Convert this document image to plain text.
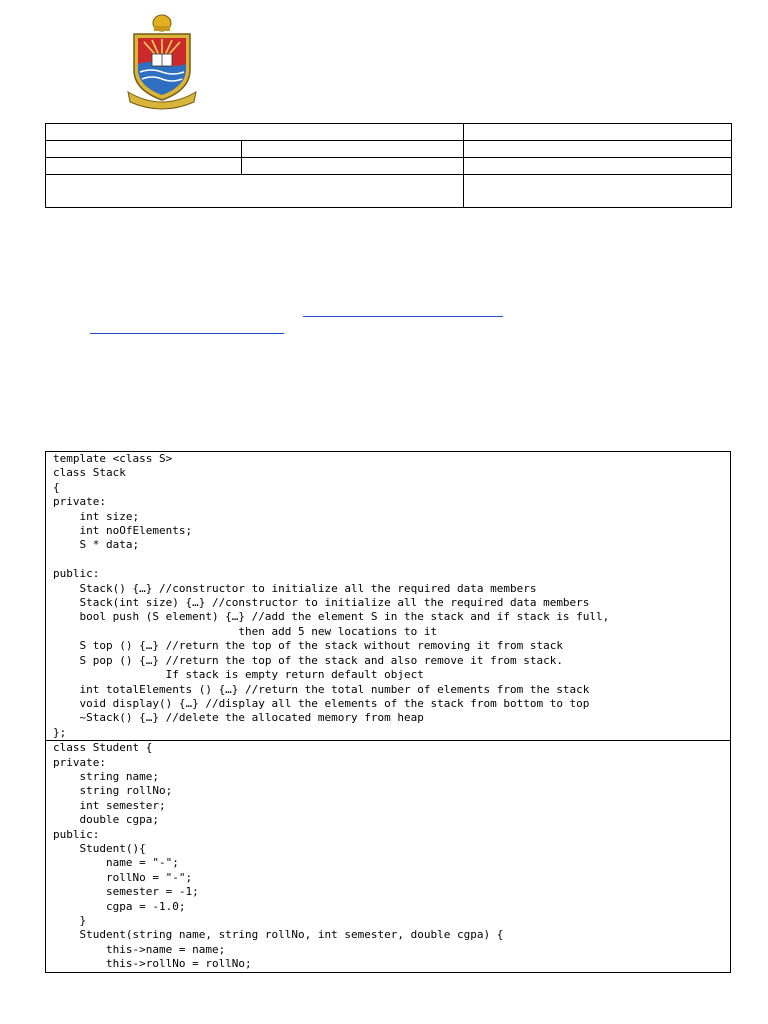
template <class S>
class Stack
{
private:
int size;
int noOfElements;
S * data;

public:
Stack() {…} //constructor to initialize all the required data members
Stack(int size) {…} //constructor to initialize all the required data members
bool push (S element) {…} //add the element S in the stack and if stack is full,
then add 5 new locations to it
S top () {…} //return the top of the stack without removing it from stack
S pop () {…} //return the top of the stack and also remove it from stack.
If stack is empty return default object
int totalElements () {…} //return the total number of elements from the stack
void display() {…} //display all the elements of the stack from bottom to top
~Stack() {…} //delete the allocated memory from heap
};

class Student {
private:
string name;
string rollNo;
int semester;
double cgpa;
public:
Student(){
name = "-";
rollNo = "-";
semester = -1;
cgpa = -1.0;
}
Student(string name, string rollNo, int semester, double cgpa) {
this->name = name;
this->rollNo = rollNo;
